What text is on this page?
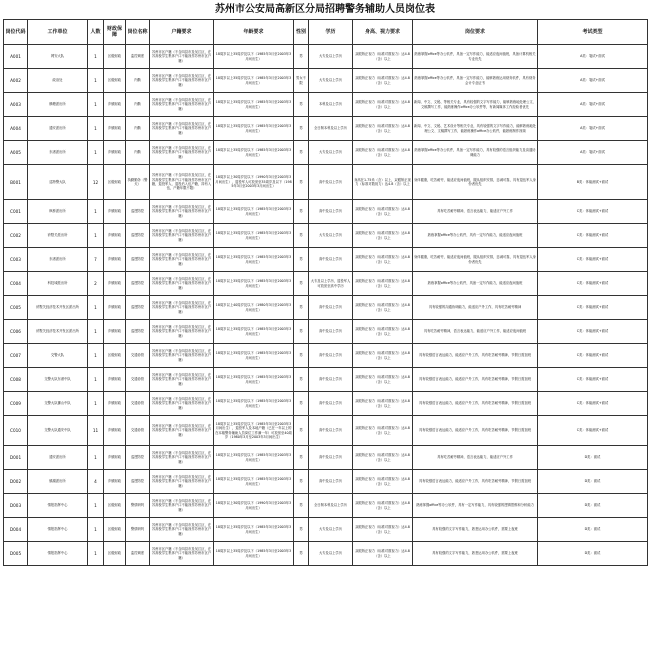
苏州市公安局高新区分局招聘警务辅助人员岗位表
岗位代码	工作单位	人数	财政保障	岗位名称	户籍要求	年龄要求	性别	学历	身高、视力要求	岗位要求	考试类型
A001	网安大队	1	区级财政	监控调度	苏州市区户籍（不含四县市及吴江区，在苏高校学生集体户口不能视作苏州市区户籍）	18周岁以上35周岁及以下（1985年3月至2003年3月间出生）	男	大专及以上学历	双眼矫正视力（标准对数视力）达4.8（含）以上	熟练掌握office等办公软件，具备一定写作能力，能适应夜间值班，具备计算机相关专业优先	A类：笔试+面试
A002	政治处	1	区级财政	内勤	苏州市区户籍（不含四县市及吴江区，在苏高校学生集体户口不能视作苏州市区户籍）	18周岁以上35周岁及以下（1985年3月至2003年3月间出生）	男女不限	大专及以上学历	双眼矫正视力（标准对数视力）达4.8（含）以上	熟练掌握office等办公软件，具备一定写作能力，能够熟练运用财务软件，具有财务会计专业证书	A类：笔试+面试
A003	横塘派出所	1	乡镇财政	内勤	苏州市区户籍（不含四县市及吴江区，在苏高校学生集体户口不能视作苏州市区户籍）	18周岁以上35周岁及以下（1985年3月至2003年3月间出生）	男	本科及以上学历	双眼矫正视力（标准对数视力）达4.8（含）以上	新闻、中文、文秘、等相关专业，具有较强的文字写作能力，能够熟练地处理公文、文稿撰写工作，能熟练操作office办公软件等，有新闻媒体工作经验者优先	A类：笔试+面试
A004	通安派出所	1	乡镇财政	内勤	苏州市区户籍（不含四县市及吴江区，在苏高校学生集体户口不能视作苏州市区户籍）	18周岁以上35周岁及以下（1985年3月至2003年3月间出生）	男	全日制本科及以上学历	双眼矫正视力（标准对数视力）达4.8（含）以上	新闻、中文、文秘、艺术设计等相关专业，具有较强的文字写作能力，能够熟练地处理公文、文稿撰写工作，能熟练操作office办公软件，能熟练制作视频	A类：笔试+面试
A005	东渚派出所	1	乡镇财政	内勤	苏州市区户籍（不含四县市及吴江区，在苏高校学生集体户口不能视作苏州市区户籍）	18周岁以上35周岁及以下（1985年3月至2003年3月间出生）	男	大专及以上学历	双眼矫正视力（标准对数视力）达4.8（含）以上	熟练掌握office等办公软件，具备一定写作能力，具有较强的语言组织能力及沟通协调能力	A类：笔试+面试
B001	巡特警大队	12	区级财政	执勤勤务（警犬）	苏州市区户籍（不含四县市及吴江区，在苏高校学生集体户口不能视作苏州市区户籍，退役军人、退役后入伍户籍，持有入伍，户籍年限不限）	18周岁以上30周岁及以下（1990年3月至2003年3月间出生），退役军人可放宽至35周岁及以下（1985年3月至2003年3月间出生）	男	高中及以上学历	身高在1.75米（含）以上，双眼矫正视力（标准对数视力）达4.8（含）以上	身体健康，吃苦耐劳，能适应夜间值班，服从组织安排，忠诚可靠，具有退伍军人身份者优先	B类：体能测试+面试
C001	枫桥派出所	1	乡镇财政	巡逻防控	苏州市区户籍（不含四县市及吴江区，在苏高校学生集体户口不能视作苏州市区户籍）	18周岁以上35周岁及以下（1985年3月至2003年3月间出生）	男	高中及以上学历	双眼矫正视力（标准对数视力）达4.8（含）以上	具有吃苦耐劳精神，语言表达能力，能适应户外工作	C类：体能测试+面试
C002	浒墅关派出所	1	乡镇财政	巡逻防控	苏州市区户籍（不含四县市及吴江区，在苏高校学生集体户口不能视作苏州市区户籍）	18周岁以上35周岁及以下（1985年3月至2003年3月间出生）	男	大专及以上学历	双眼矫正视力（标准对数视力）达4.8（含）以上	熟练掌握office等办公软件，具有一定写作能力，能适应夜间值班	C类：体能测试+面试
C003	东渚派出所	7	乡镇财政	巡逻防控	苏州市区户籍（不含四县市及吴江区，在苏高校学生集体户口不能视作苏州市区户籍）	18周岁以上35周岁及以下（1985年3月至2003年3月间出生）	男	高中及以上学历	双眼矫正视力（标准对数视力）达4.8（含）以上	身体健康，吃苦耐劳，能适应夜间值班，服从组织安排，忠诚可靠，具有退伍军人身份者优先	C类：体能测试+面试
C004	科技城派出所	2	乡镇财政	巡逻防控	苏州市区户籍（不含四县市及吴江区，在苏高校学生集体户口不能视作苏州市区户籍）	18周岁以上35周岁及以下（1985年3月至2003年3月间出生）	男	大专及以上学历，退役军人可放宽至高中学历	双眼矫正视力（标准对数视力）达4.8（含）以上	熟练掌握office等办公软件，具备一定写作能力，能适应夜间值班	C类：体能测试+面试
C005	浒墅关经济技术开发区派出所	1	乡镇财政	巡逻防控	苏州市区户籍（不含四县市及吴江区，在苏高校学生集体户口不能视作苏州市区户籍）	18周岁以上40周岁及以下（1980年3月至2003年3月间出生）	男	高中及以上学历	双眼矫正视力（标准对数视力）达4.8（含）以上	具有较强的沟通协调能力，能适应户外工作，具有吃苦耐劳精神	C类：体能测试+面试
C006	浒墅关经济技术开发区派出所	1	乡镇财政	巡逻防控	苏州市区户籍（不含四县市及吴江区，在苏高校学生集体户口不能视作苏州市区户籍）	18周岁以上35周岁及以下（1985年3月至2003年3月间出生）	男	高中及以上学历	双眼矫正视力（标准对数视力）达4.8（含）以上	具有吃苦耐劳精神，语言表达能力，能适应户外工作，能适应夜间值班	C类：体能测试+面试
C007	交警大队	1	区级财政	交通协管	苏州市区户籍（不含四县市及吴江区，在苏高校学生集体户口不能视作苏州市区户籍）	18周岁以上35周岁及以下（1985年3月至2003年3月间出生）	男	高中及以上学历	双眼矫正视力（标准对数视力）达4.8（含）以上	具有较强语言表达能力，能适应户外工作，具有吃苦耐劳精神，节假日需加班	C类：体能测试+面试
C008	交警大队东渚中队	1	乡镇财政	交通协管	苏州市区户籍（不含四县市及吴江区，在苏高校学生集体户口不能视作苏州市区户籍）	18周岁以上35周岁及以下（1985年3月至2003年3月间出生）	男	高中及以上学历	双眼矫正视力（标准对数视力）达4.8（含）以上	具有较强语言表达能力，能适应户外工作，具有吃苦耐劳精神，节假日需加班	C类：体能测试+面试
C009	交警大队狮山中队	1	乡镇财政	交通协管	苏州市区户籍（不含四县市及吴江区，在苏高校学生集体户口不能视作苏州市区户籍）	18周岁以上35周岁及以下（1985年3月至2003年3月间出生）	男	高中及以上学历	双眼矫正视力（标准对数视力）达4.8（含）以上	具有较强语言表达能力，能适应户外工作，具有吃苦耐劳精神，节假日需加班	C类：体能测试+面试
C010	交警大队通安中队	11	乡镇财政	交通协管	苏州市区户籍（不含四县市及吴江区，在苏高校学生集体户口不能视作苏州市区户籍）	18周岁以上35周岁及以下（1985年3月至2003年3月间出生），退役军人及本地户籍（已在一年以上的在本辖警务辅助人员岗位工作满一年）可放宽至40周岁（1980年3月至2003年3月间出生）	男	高中及以上学历	双眼矫正视力（标准对数视力）达4.8（含）以上	具有较强语言表达能力，能适应户外工作，具有吃苦耐劳精神，节假日需加班	C类：体能测试+面试
D001	通安派出所	1	乡镇财政	巡逻防控	苏州市区户籍（不含四县市及吴江区，在苏高校学生集体户口不能视作苏州市区户籍）	18周岁以上35周岁及以下（1985年3月至2003年3月间出生）	男	高中及以上学历	双眼矫正视力（标准对数视力）达4.8（含）以上	具有吃苦耐劳精神，语言表达能力，能适应户外工作	D类：面试
D002	镇湖派出所	4	乡镇财政	巡逻防控	苏州市区户籍（不含四县市及吴江区，在苏高校学生集体户口不能视作苏州市区户籍）	18周岁以上35周岁及以下（1985年3月至2003年3月间出生）	男	高中及以上学历	双眼矫正视力（标准对数视力）达4.8（含）以上	具有较强语言表达能力，能适应户外工作，具有吃苦耐劳精神，节假日需加班	D类：面试
D003	情报指挥中心	1	区级财政	警情研判	苏州市区户籍（不含四县市及吴江区，在苏高校学生集体户口不能视作苏州市区户籍）	18周岁以上30周岁及以下（1990年3月至2003年3月间出生）	男	全日制本科及以上学历	双眼矫正视力（标准对数视力）达4.8（含）以上	熟练掌握office等办公软件，具有一定写作能力，具有较强的逻辑思维和分析能力	D类：面试
D004	情报指挥中心	1	区级财政	警情研判	苏州市区户籍（不含四县市及吴江区，在苏高校学生集体户口不能视作苏州市区户籍）	18周岁以上35周岁及以下（1985年3月至2003年3月间出生）	男	大专及以上学历	双眼矫正视力（标准对数视力）达4.8（含）以上	具有较强的文字写作能力，熟悉运用办公软件，需要上夜班	D类：面试
D005	情报指挥中心	1	区级财政	监控调度	苏州市区户籍（不含四县市及吴江区，在苏高校学生集体户口不能视作苏州市区户籍）	18周岁以上35周岁及以下（1985年3月至2003年3月间出生）	男	大专及以上学历	双眼矫正视力（标准对数视力）达4.8（含）以上	具有较强的文字写作能力，熟悉运用办公软件，需要上夜班	D类：面试
